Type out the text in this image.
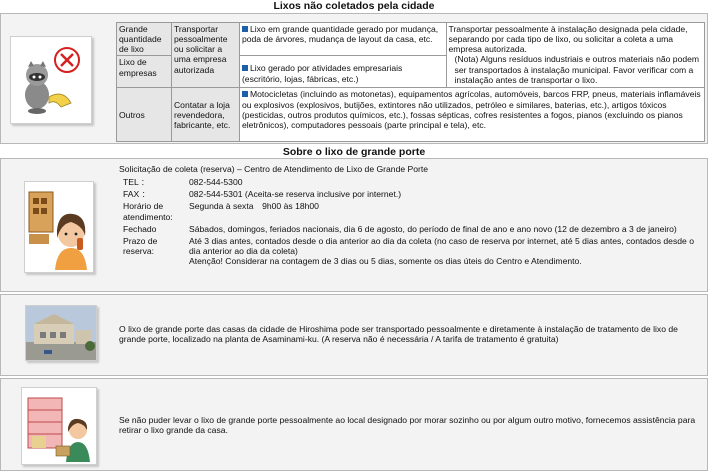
Lixos não coletados pela cidade
Grande quantidade de lixo	Transportar pessoalmente ou solicitar a uma empresa autorizada	Lixo em grande quantidade gerado por mudança, poda de árvores, mudança de layout da casa, etc.	Transportar pessoalmente à instalação designada pela cidade, separando por cada tipo de lixo, ou solicitar a coleta a uma empresa autorizada.
(Nota) Alguns resíduos industriais e outros materiais não podem ser transportados à instalação municipal. Favor verificar com a instalação antes de transportar o lixo.

Lixo de empresas		Lixo gerado por atividades empresariais (escritório, lojas, fábricas, etc.)	
Outros	Contatar a loja revendedora, fabricante, etc.	Motocicletas (incluindo as motonetas), equipamentos agrícolas, automóveis, barcos FRP, pneus, materiais inflamáveis ou explosivos (explosivos, butijões, extintores não utilizados, petróleo e similares, baterias, etc.), artigos tóxicos (pesticidas, outros produtos químicos, etc.), fossas sépticas, cofres resistentes a fogos, pianos (excluindo os pianos eletrônicos), computadores pessoais (parte principal e tela), etc.	
Sobre o lixo de grande porte
Solicitação de coleta (reserva) – Centro de Atendimento de Lixo de Grande Porte
TEL ：	082-544-5300
FAX ：	082-544-5301 (Aceita-se reserva inclusive por internet.)
Horário de atendimento:
Segunda à sexta　9h00 às 18h00
Fechado	Sábados, domingos, feriados nacionais, dia 6 de agosto, do período de final de ano e ano novo (12 de dezembro a 3 de janeiro)
Prazo de reserva:
Até 3 dias antes, contados desde o dia anterior ao dia da coleta (no caso de reserva por internet, até 5 dias antes, contados desde o dia anterior ao dia da coleta)
Atenção! Considerar na contagem de 3 dias ou 5 dias, somente os dias úteis do Centro e Atendimento.
O lixo de grande porte das casas da cidade de Hiroshima pode ser transportado pessoalmente e diretamente à instalação de tratamento de lixo de grande porte, localizado na planta de Asaminami-ku. (A reserva não é necessária / A tarifa de tratamento é gratuita)
Se não puder levar o lixo de grande porte pessoalmente ao local designado por morar sozinho ou por algum outro motivo, fornecemos assistência para retirar o lixo grande da casa.
